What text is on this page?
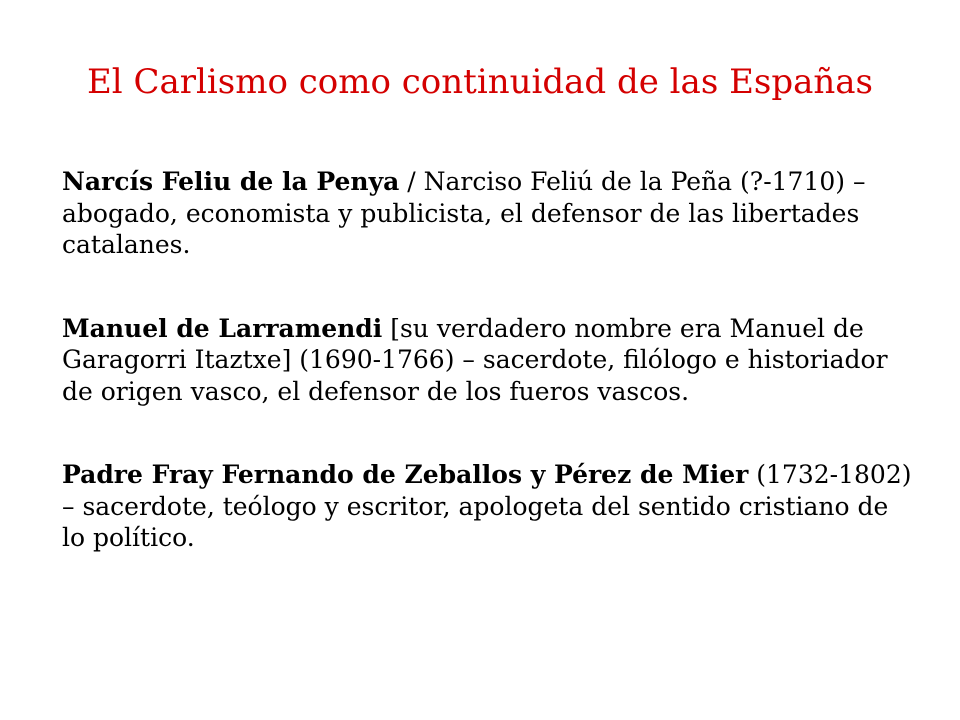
El Carlismo como continuidad de las Españas

Narcís Feliu de la Penya / Narciso Feliú de la Peña (?-1710) – abogado, economista y publicista, el defensor de las libertades catalanes.

Manuel de Larramendi [su verdadero nombre era Manuel de Garagorri Itaztxe] (1690-1766) – sacerdote, filólogo e historiador de origen vasco, el defensor de los fueros vascos.

Padre Fray Fernando de Zeballos y Pérez de Mier (1732-1802) – sacerdote, teólogo y escritor, apologeta del sentido cristiano de lo político.
